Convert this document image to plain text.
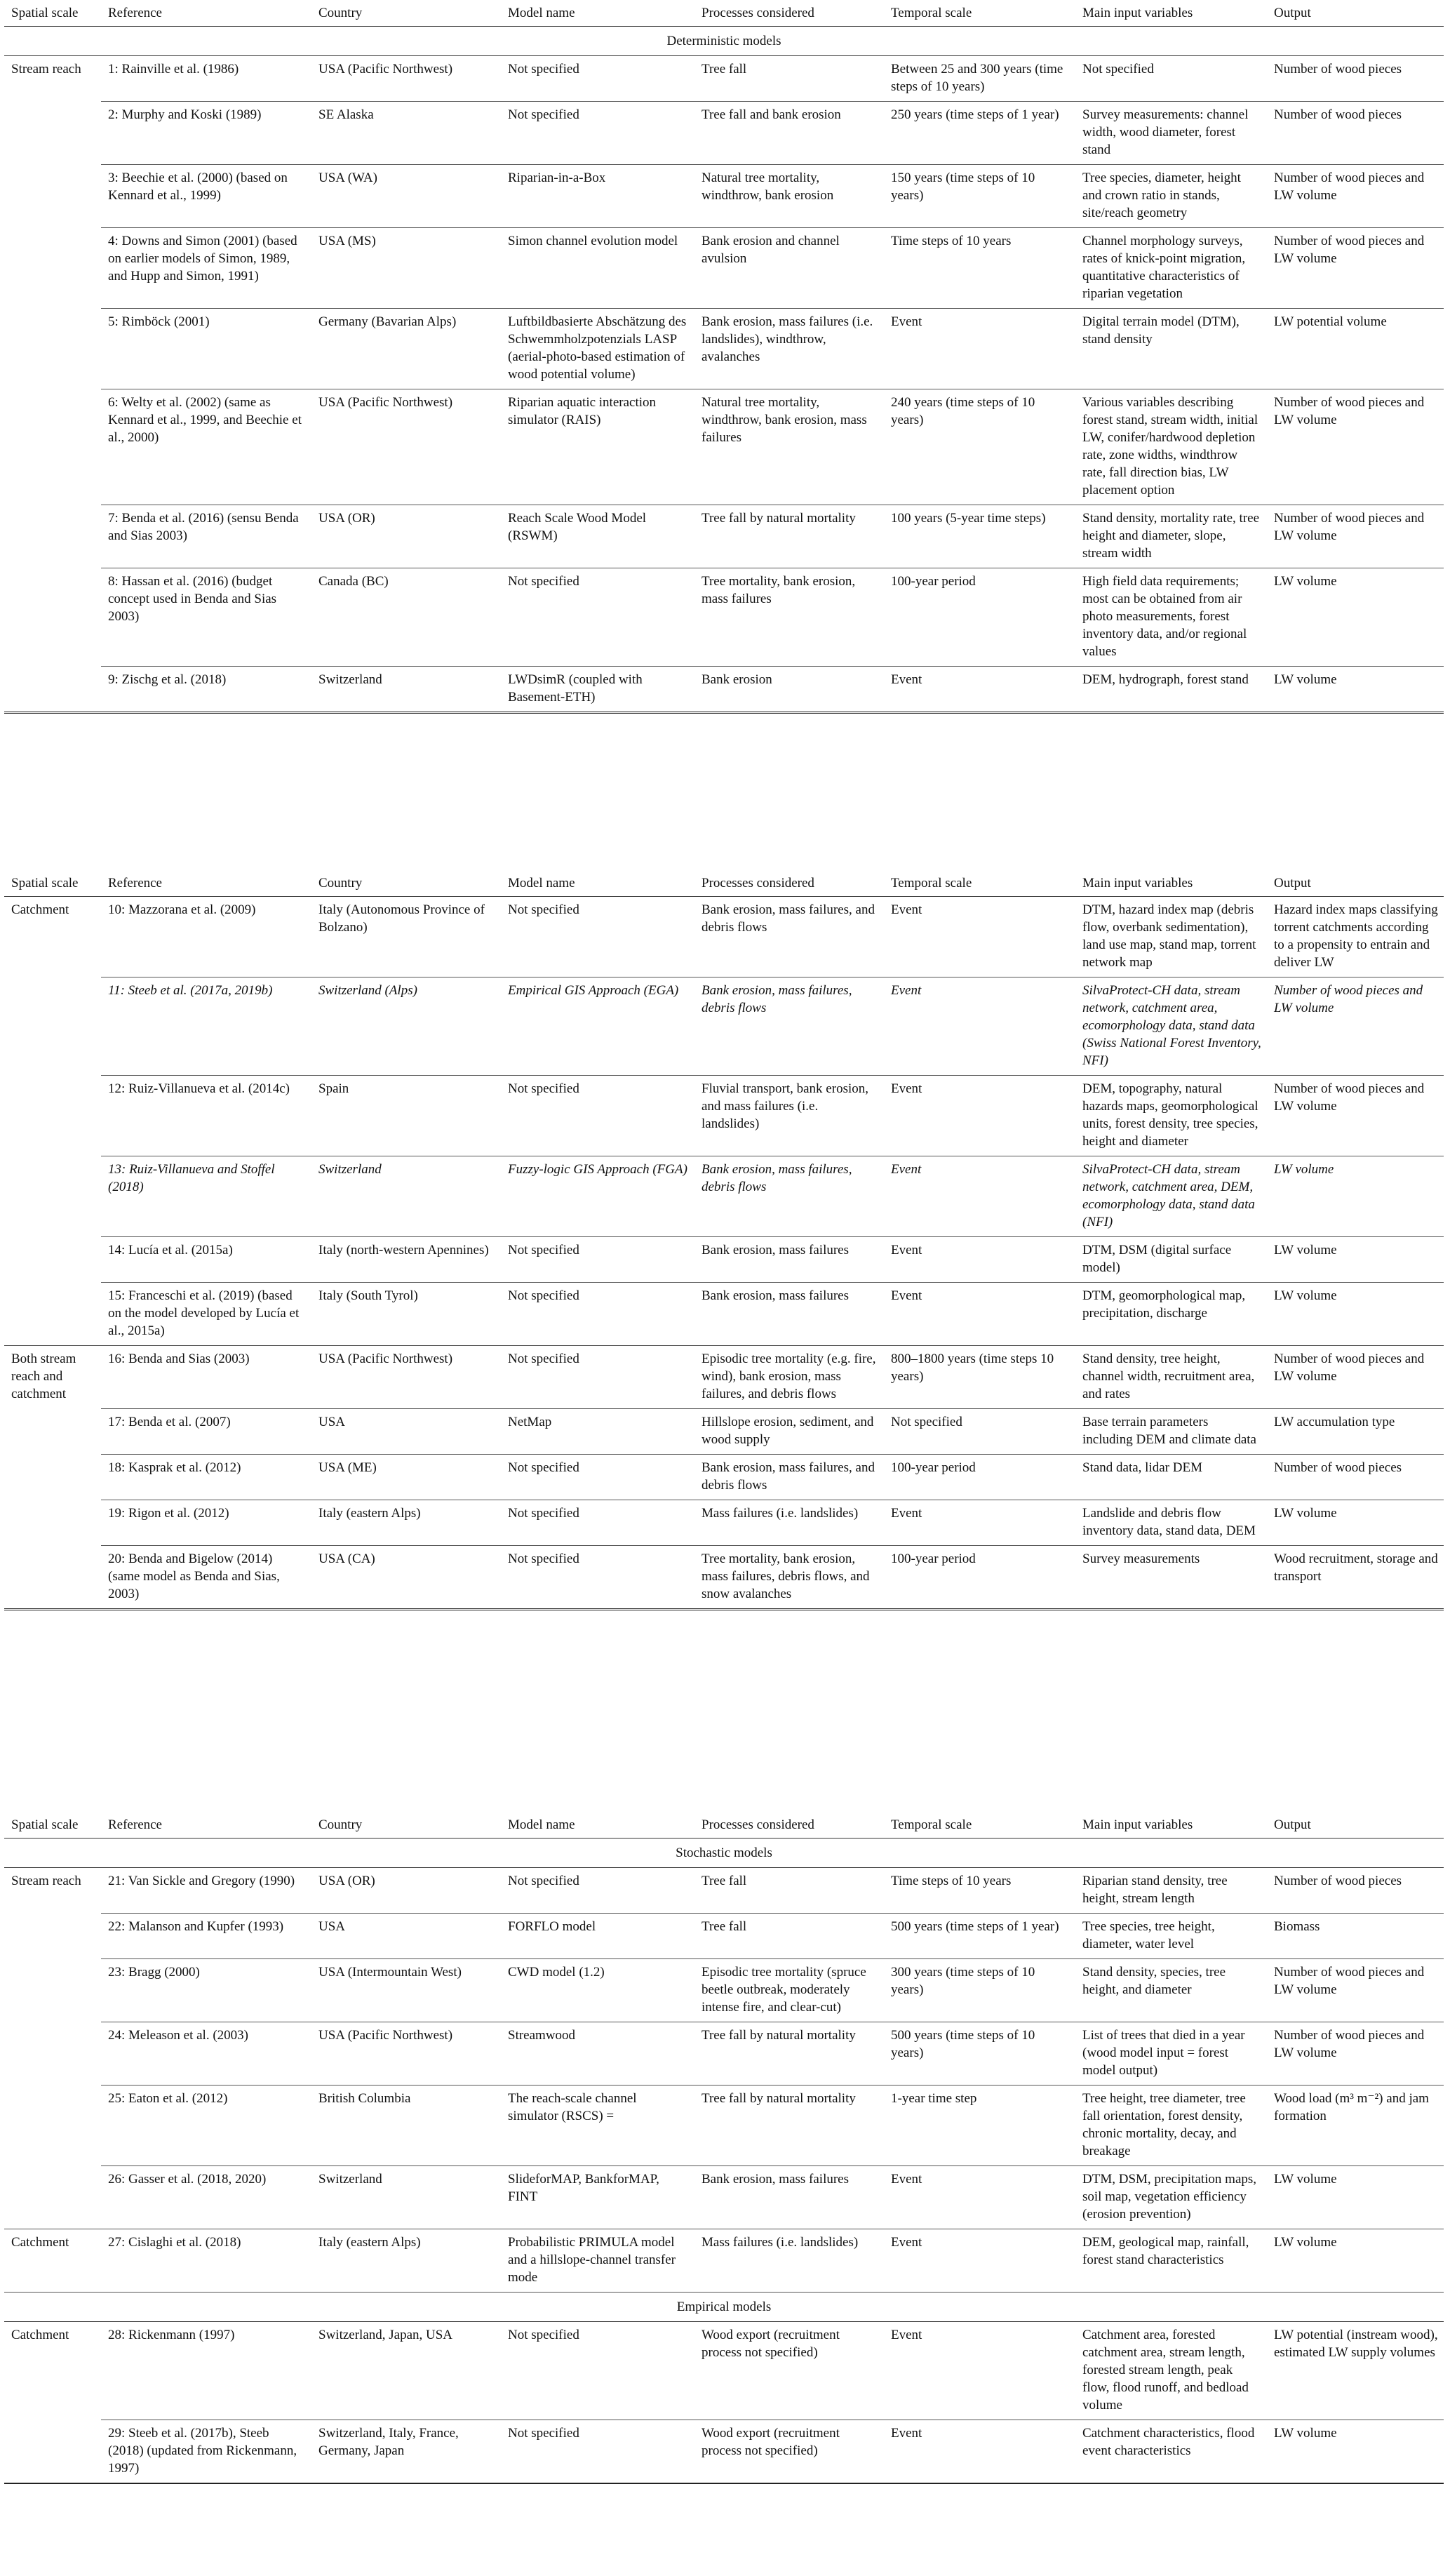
Spatial scale	Reference	Country	Model name	Processes considered	Temporal scale	Main input variables	Output
Deterministic models							
Stream reach	1: Rainville et al. (1986)	USA (Pacific Northwest)	Not specified	Tree fall	Between 25 and 300 years (time steps of 10 years)	Not specified	Number of wood pieces
	2: Murphy and Koski (1989)	SE Alaska	Not specified	Tree fall and bank erosion	250 years (time steps of 1 year)	Survey measurements: channel width, wood diameter, forest stand	Number of wood pieces
	3: Beechie et al. (2000) (based on Kennard et al., 1999)	USA (WA)	Riparian-in-a-Box	Natural tree mortality, windthrow, bank erosion	150 years (time steps of 10 years)	Tree species, diameter, height and crown ratio in stands, site/reach geometry	Number of wood pieces and LW volume
	4: Downs and Simon (2001) (based on earlier models of Simon, 1989, and Hupp and Simon, 1991)	USA (MS)	Simon channel evolution model	Bank erosion and channel avulsion	Time steps of 10 years	Channel morphology surveys, rates of knick-point migration, quantitative characteristics of riparian vegetation	Number of wood pieces and LW volume
	5: Rimböck (2001)	Germany (Bavarian Alps)	Luftbildbasierte Abschätzung des Schwemmholzpotenzials LASP (aerial-photo-based estimation of wood potential volume)	Bank erosion, mass failures (i.e. landslides), windthrow, avalanches	Event	Digital terrain model (DTM), stand density	LW potential volume
	6: Welty et al. (2002) (same as Kennard et al., 1999, and Beechie et al., 2000)	USA (Pacific Northwest)	Riparian aquatic interaction simulator (RAIS)	Natural tree mortality, windthrow, bank erosion, mass failures	240 years (time steps of 10 years)	Various variables describing forest stand, stream width, initial LW, conifer/hardwood depletion rate, zone widths, windthrow rate, fall direction bias, LW placement option	Number of wood pieces and LW volume
	7: Benda et al. (2016) (sensu Benda and Sias 2003)	USA (OR)	Reach Scale Wood Model (RSWM)	Tree fall by natural mortality	100 years (5-year time steps)	Stand density, mortality rate, tree height and diameter, slope, stream width	Number of wood pieces and LW volume
	8: Hassan et al. (2016) (budget concept used in Benda and Sias 2003)	Canada (BC)	Not specified	Tree mortality, bank erosion, mass failures	100-year period	High field data requirements; most can be obtained from air photo measurements, forest inventory data, and/or regional values	LW volume
	9: Zischg et al. (2018)	Switzerland	LWDsimR (coupled with Basement-ETH)	Bank erosion	Event	DEM, hydrograph, forest stand	LW volume
Spatial scale	Reference	Country	Model name	Processes considered	Temporal scale	Main input variables	Output
Catchment	10: Mazzorana et al. (2009)	Italy (Autonomous Province of Bolzano)	Not specified	Bank erosion, mass failures, and debris flows	Event	DTM, hazard index map (debris flow, overbank sedimentation), land use map, stand map, torrent network map	Hazard index maps classifying torrent catchments according to a propensity to entrain and deliver LW
	11: Steeb et al. (2017a, 2019b)	Switzerland (Alps)	Empirical GIS Approach (EGA)	Bank erosion, mass failures, debris flows	Event	SilvaProtect-CH data, stream network, catchment area, ecomorphology data, stand data (Swiss National Forest Inventory, NFI)	Number of wood pieces and LW volume
	12: Ruiz-Villanueva et al. (2014c)	Spain	Not specified	Fluvial transport, bank erosion, and mass failures (i.e. landslides)	Event	DEM, topography, natural hazards maps, geomorphological units, forest density, tree species, height and diameter	Number of wood pieces and LW volume
	13: Ruiz-Villanueva and Stoffel (2018)	Switzerland	Fuzzy-logic GIS Approach (FGA)	Bank erosion, mass failures, debris flows	Event	SilvaProtect-CH data, stream network, catchment area, DEM, ecomorphology data, stand data (NFI)	LW volume
	14: Lucía et al. (2015a)	Italy (north-western Apennines)	Not specified	Bank erosion, mass failures	Event	DTM, DSM (digital surface model)	LW volume
	15: Franceschi et al. (2019) (based on the model developed by Lucía et al., 2015a)	Italy (South Tyrol)	Not specified	Bank erosion, mass failures	Event	DTM, geomorphological map, precipitation, discharge	LW volume
Both stream reach and catchment	16: Benda and Sias (2003)	USA (Pacific Northwest)	Not specified	Episodic tree mortality (e.g. fire, wind), bank erosion, mass failures, and debris flows	800–1800 years (time steps 10 years)	Stand density, tree height, channel width, recruitment area, and rates	Number of wood pieces and LW volume
	17: Benda et al. (2007)	USA	NetMap	Hillslope erosion, sediment, and wood supply	Not specified	Base terrain parameters including DEM and climate data	LW accumulation type
	18: Kasprak et al. (2012)	USA (ME)	Not specified	Bank erosion, mass failures, and debris flows	100-year period	Stand data, lidar DEM	Number of wood pieces
	19: Rigon et al. (2012)	Italy (eastern Alps)	Not specified	Mass failures (i.e. landslides)	Event	Landslide and debris flow inventory data, stand data, DEM	LW volume
	20: Benda and Bigelow (2014) (same model as Benda and Sias, 2003)	USA (CA)	Not specified	Tree mortality, bank erosion, mass failures, debris flows, and snow avalanches	100-year period	Survey measurements	Wood recruitment, storage and transport
Spatial scale	Reference	Country	Model name	Processes considered	Temporal scale	Main input variables	Output
Stochastic models							
Stream reach	21: Van Sickle and Gregory (1990)	USA (OR)	Not specified	Tree fall	Time steps of 10 years	Riparian stand density, tree height, stream length	Number of wood pieces
	22: Malanson and Kupfer (1993)	USA	FORFLO model	Tree fall	500 years (time steps of 1 year)	Tree species, tree height, diameter, water level	Biomass
	23: Bragg (2000)	USA (Intermountain West)	CWD model (1.2)	Episodic tree mortality (spruce beetle outbreak, moderately intense fire, and clear-cut)	300 years (time steps of 10 years)	Stand density, species, tree height, and diameter	Number of wood pieces and LW volume
	24: Meleason et al. (2003)	USA (Pacific Northwest)	Streamwood	Tree fall by natural mortality	500 years (time steps of 10 years)	List of trees that died in a year (wood model input = forest model output)	Number of wood pieces and LW volume
	25: Eaton et al. (2012)	British Columbia	The reach-scale channel simulator (RSCS) =	Tree fall by natural mortality	1-year time step	Tree height, tree diameter, tree fall orientation, forest density, chronic mortality, decay, and breakage	Wood load (m³ m⁻²) and jam formation
	26: Gasser et al. (2018, 2020)	Switzerland	SlideforMAP, BankforMAP, FINT	Bank erosion, mass failures	Event	DTM, DSM, precipitation maps, soil map, vegetation efficiency (erosion prevention)	LW volume
Catchment	27: Cislaghi et al. (2018)	Italy (eastern Alps)	Probabilistic PRIMULA model and a hillslope-channel transfer mode	Mass failures (i.e. landslides)	Event	DEM, geological map, rainfall, forest stand characteristics	LW volume
Empirical models							
Catchment	28: Rickenmann (1997)	Switzerland, Japan, USA	Not specified	Wood export (recruitment process not specified)	Event	Catchment area, forested catchment area, stream length, forested stream length, peak flow, flood runoff, and bedload volume	LW potential (instream wood), estimated LW supply volumes
	29: Steeb et al. (2017b), Steeb (2018) (updated from Rickenmann, 1997)	Switzerland, Italy, France, Germany, Japan	Not specified	Wood export (recruitment process not specified)	Event	Catchment characteristics, flood event characteristics	LW volume
